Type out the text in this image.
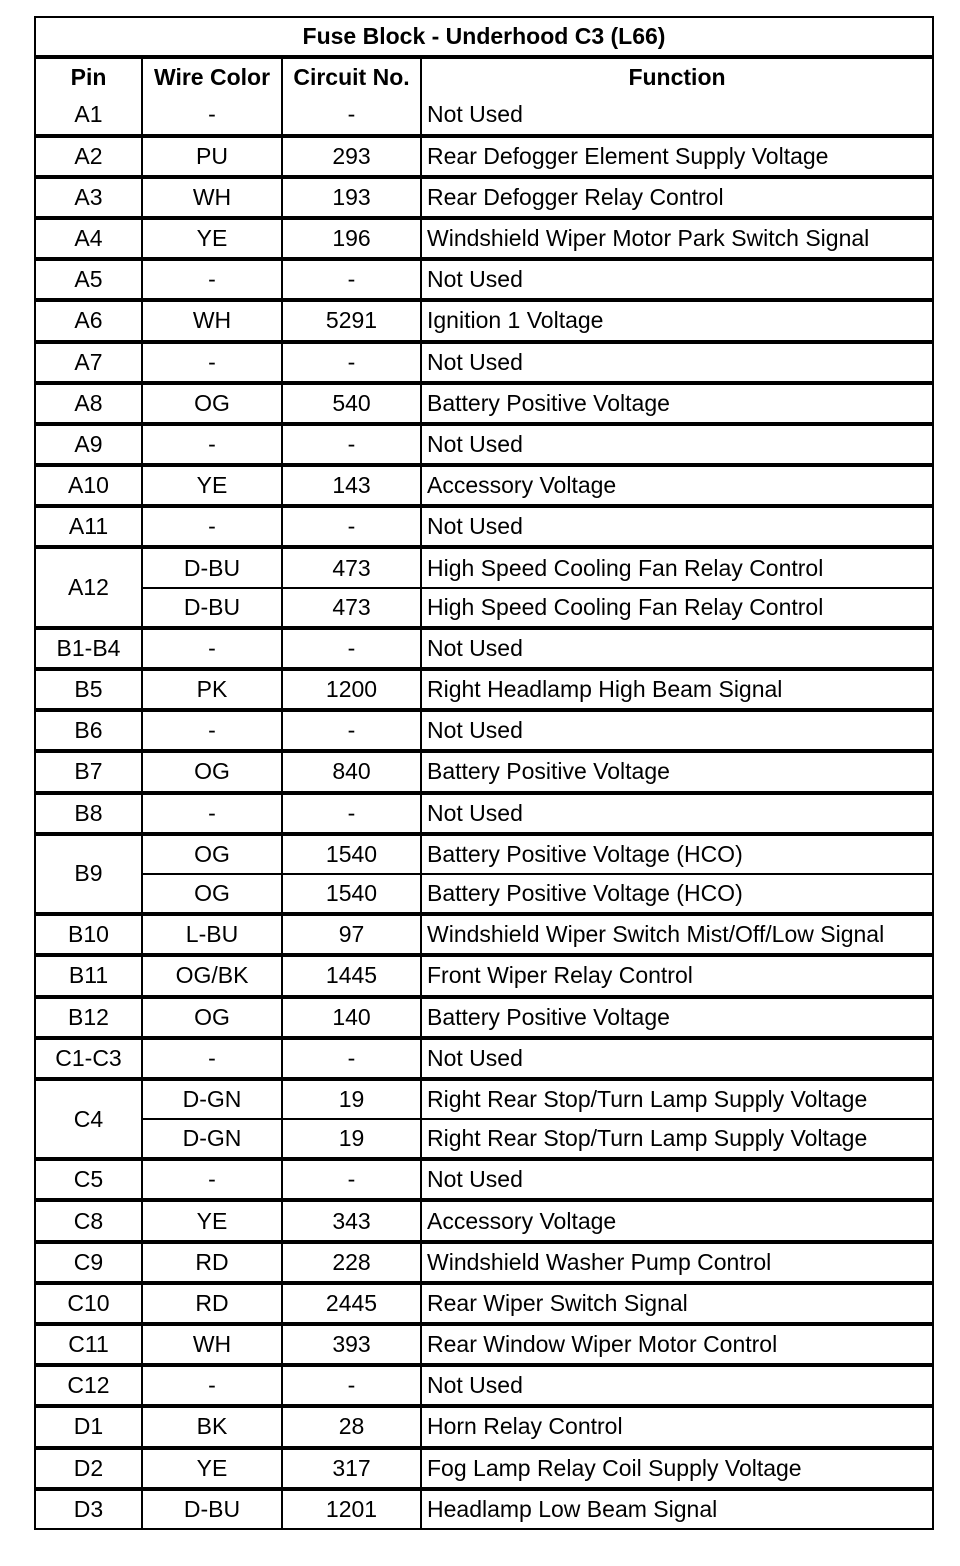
Fuse Block - Underhood C3 (L66)			
Pin	Wire Color	Circuit No.	Function
A1	-	-	Not Used
A2	PU	293	Rear Defogger Element Supply Voltage
A3	WH	193	Rear Defogger Relay Control
A4	YE	196	Windshield Wiper Motor Park Switch Signal
A5	-	-	Not Used
A6	WH	5291	Ignition 1 Voltage
A7	-	-	Not Used
A8	OG	540	Battery Positive Voltage
A9	-	-	Not Used
A10	YE	143	Accessory Voltage
A11	-	-	Not Used
A12	D-BU	473	High Speed Cooling Fan Relay Control
	D-BU	473	High Speed Cooling Fan Relay Control
B1-B4	-	-	Not Used
B5	PK	1200	Right Headlamp High Beam Signal
B6	-	-	Not Used
B7	OG	840	Battery Positive Voltage
B8	-	-	Not Used
B9	OG	1540	Battery Positive Voltage (HCO)
	OG	1540	Battery Positive Voltage (HCO)
B10	L-BU	97	Windshield Wiper Switch Mist/Off/Low Signal
B11	OG/BK	1445	Front Wiper Relay Control
B12	OG	140	Battery Positive Voltage
C1-C3	-	-	Not Used
C4	D-GN	19	Right Rear Stop/Turn Lamp Supply Voltage
	D-GN	19	Right Rear Stop/Turn Lamp Supply Voltage
C5	-	-	Not Used
C8	YE	343	Accessory Voltage
C9	RD	228	Windshield Washer Pump Control
C10	RD	2445	Rear Wiper Switch Signal
C11	WH	393	Rear Window Wiper Motor Control
C12	-	-	Not Used
D1	BK	28	Horn Relay Control
D2	YE	317	Fog Lamp Relay Coil Supply Voltage
D3	D-BU	1201	Headlamp Low Beam Signal
